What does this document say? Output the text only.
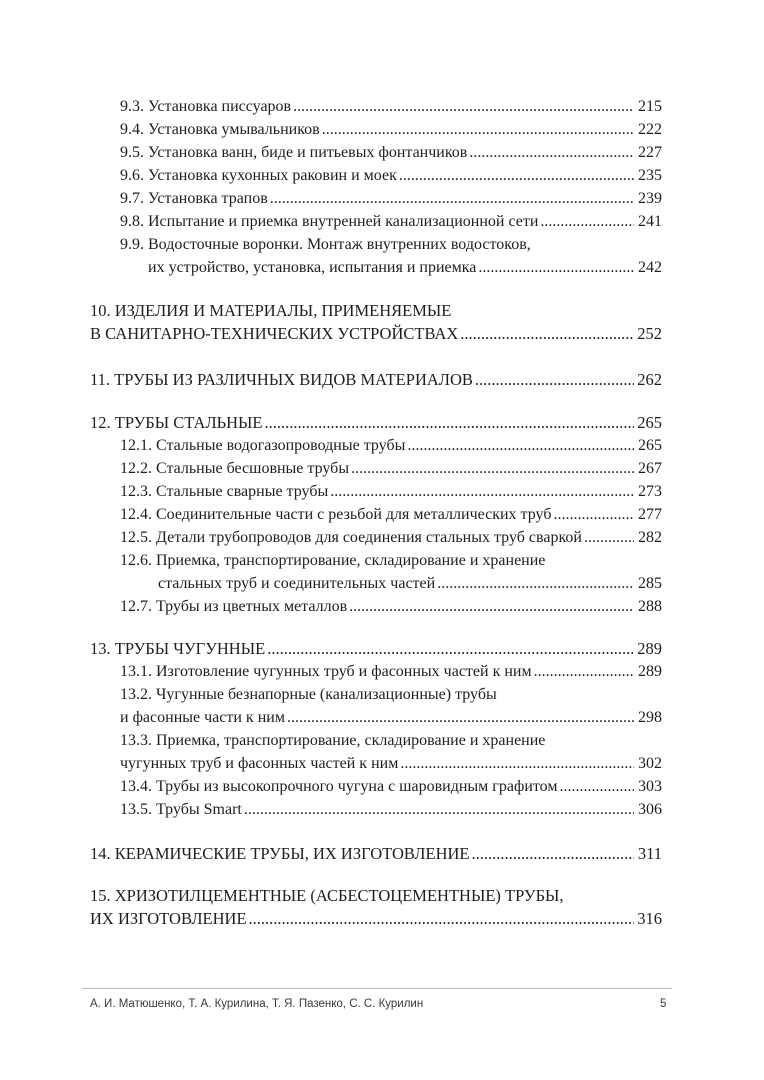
9.3. Установка писсуаров .....	215
9.4. Установка умывальников .....	222
9.5. Установка ванн, биде и питьевых фонтанчиков .....	227
9.6. Установка кухонных раковин и моек .....	235
9.7. Установка трапов .....	239
9.8. Испытание и приемка внутренней канализационной сети .....	241
9.9. Водосточные воронки. Монтаж внутренних водостоков,
их устройство, установка, испытания и приемка .....	242
10. ИЗДЕЛИЯ И МАТЕРИАЛЫ, ПРИМЕНЯЕМЫЕ
В САНИТАРНО-ТЕХНИЧЕСКИХ УСТРОЙСТВАХ .....	252
11. ТРУБЫ ИЗ РАЗЛИЧНЫХ ВИДОВ МАТЕРИАЛОВ .....	262
12. ТРУБЫ СТАЛЬНЫЕ .....	265
12.1. Стальные водогазопроводные трубы .....	265
12.2. Стальные бесшовные трубы .....	267
12.3. Стальные сварные трубы .....	273
12.4. Соединительные части с резьбой для металлических труб .....	277
12.5. Детали трубопроводов для соединения стальных труб сваркой .....	282
12.6. Приемка, транспортирование, складирование и хранение
стальных труб и соединительных частей .....	285
12.7. Трубы из цветных металлов .....	288
13. ТРУБЫ ЧУГУННЫЕ .....	289
13.1. Изготовление чугунных труб и фасонных частей к ним .....	289
13.2. Чугунные безнапорные (канализационные) трубы
и фасонные части к ним .....	298
13.3. Приемка, транспортирование, складирование и хранение
чугунных труб и фасонных частей к ним .....	302
13.4. Трубы из высокопрочного чугуна с шаровидным графитом .....	303
13.5. Трубы Smart .....	306
14. КЕРАМИЧЕСКИЕ ТРУБЫ, ИХ ИЗГОТОВЛЕНИЕ .....	311
15. ХРИЗОТИЛЦЕМЕНТНЫЕ (АСБЕСТОЦЕМЕНТНЫЕ) ТРУБЫ,
ИХ ИЗГОТОВЛЕНИЕ .....	316
А. И. Матюшенко, Т. А. Курилина, Т. Я. Пазенко, С. С. Курилин	5
